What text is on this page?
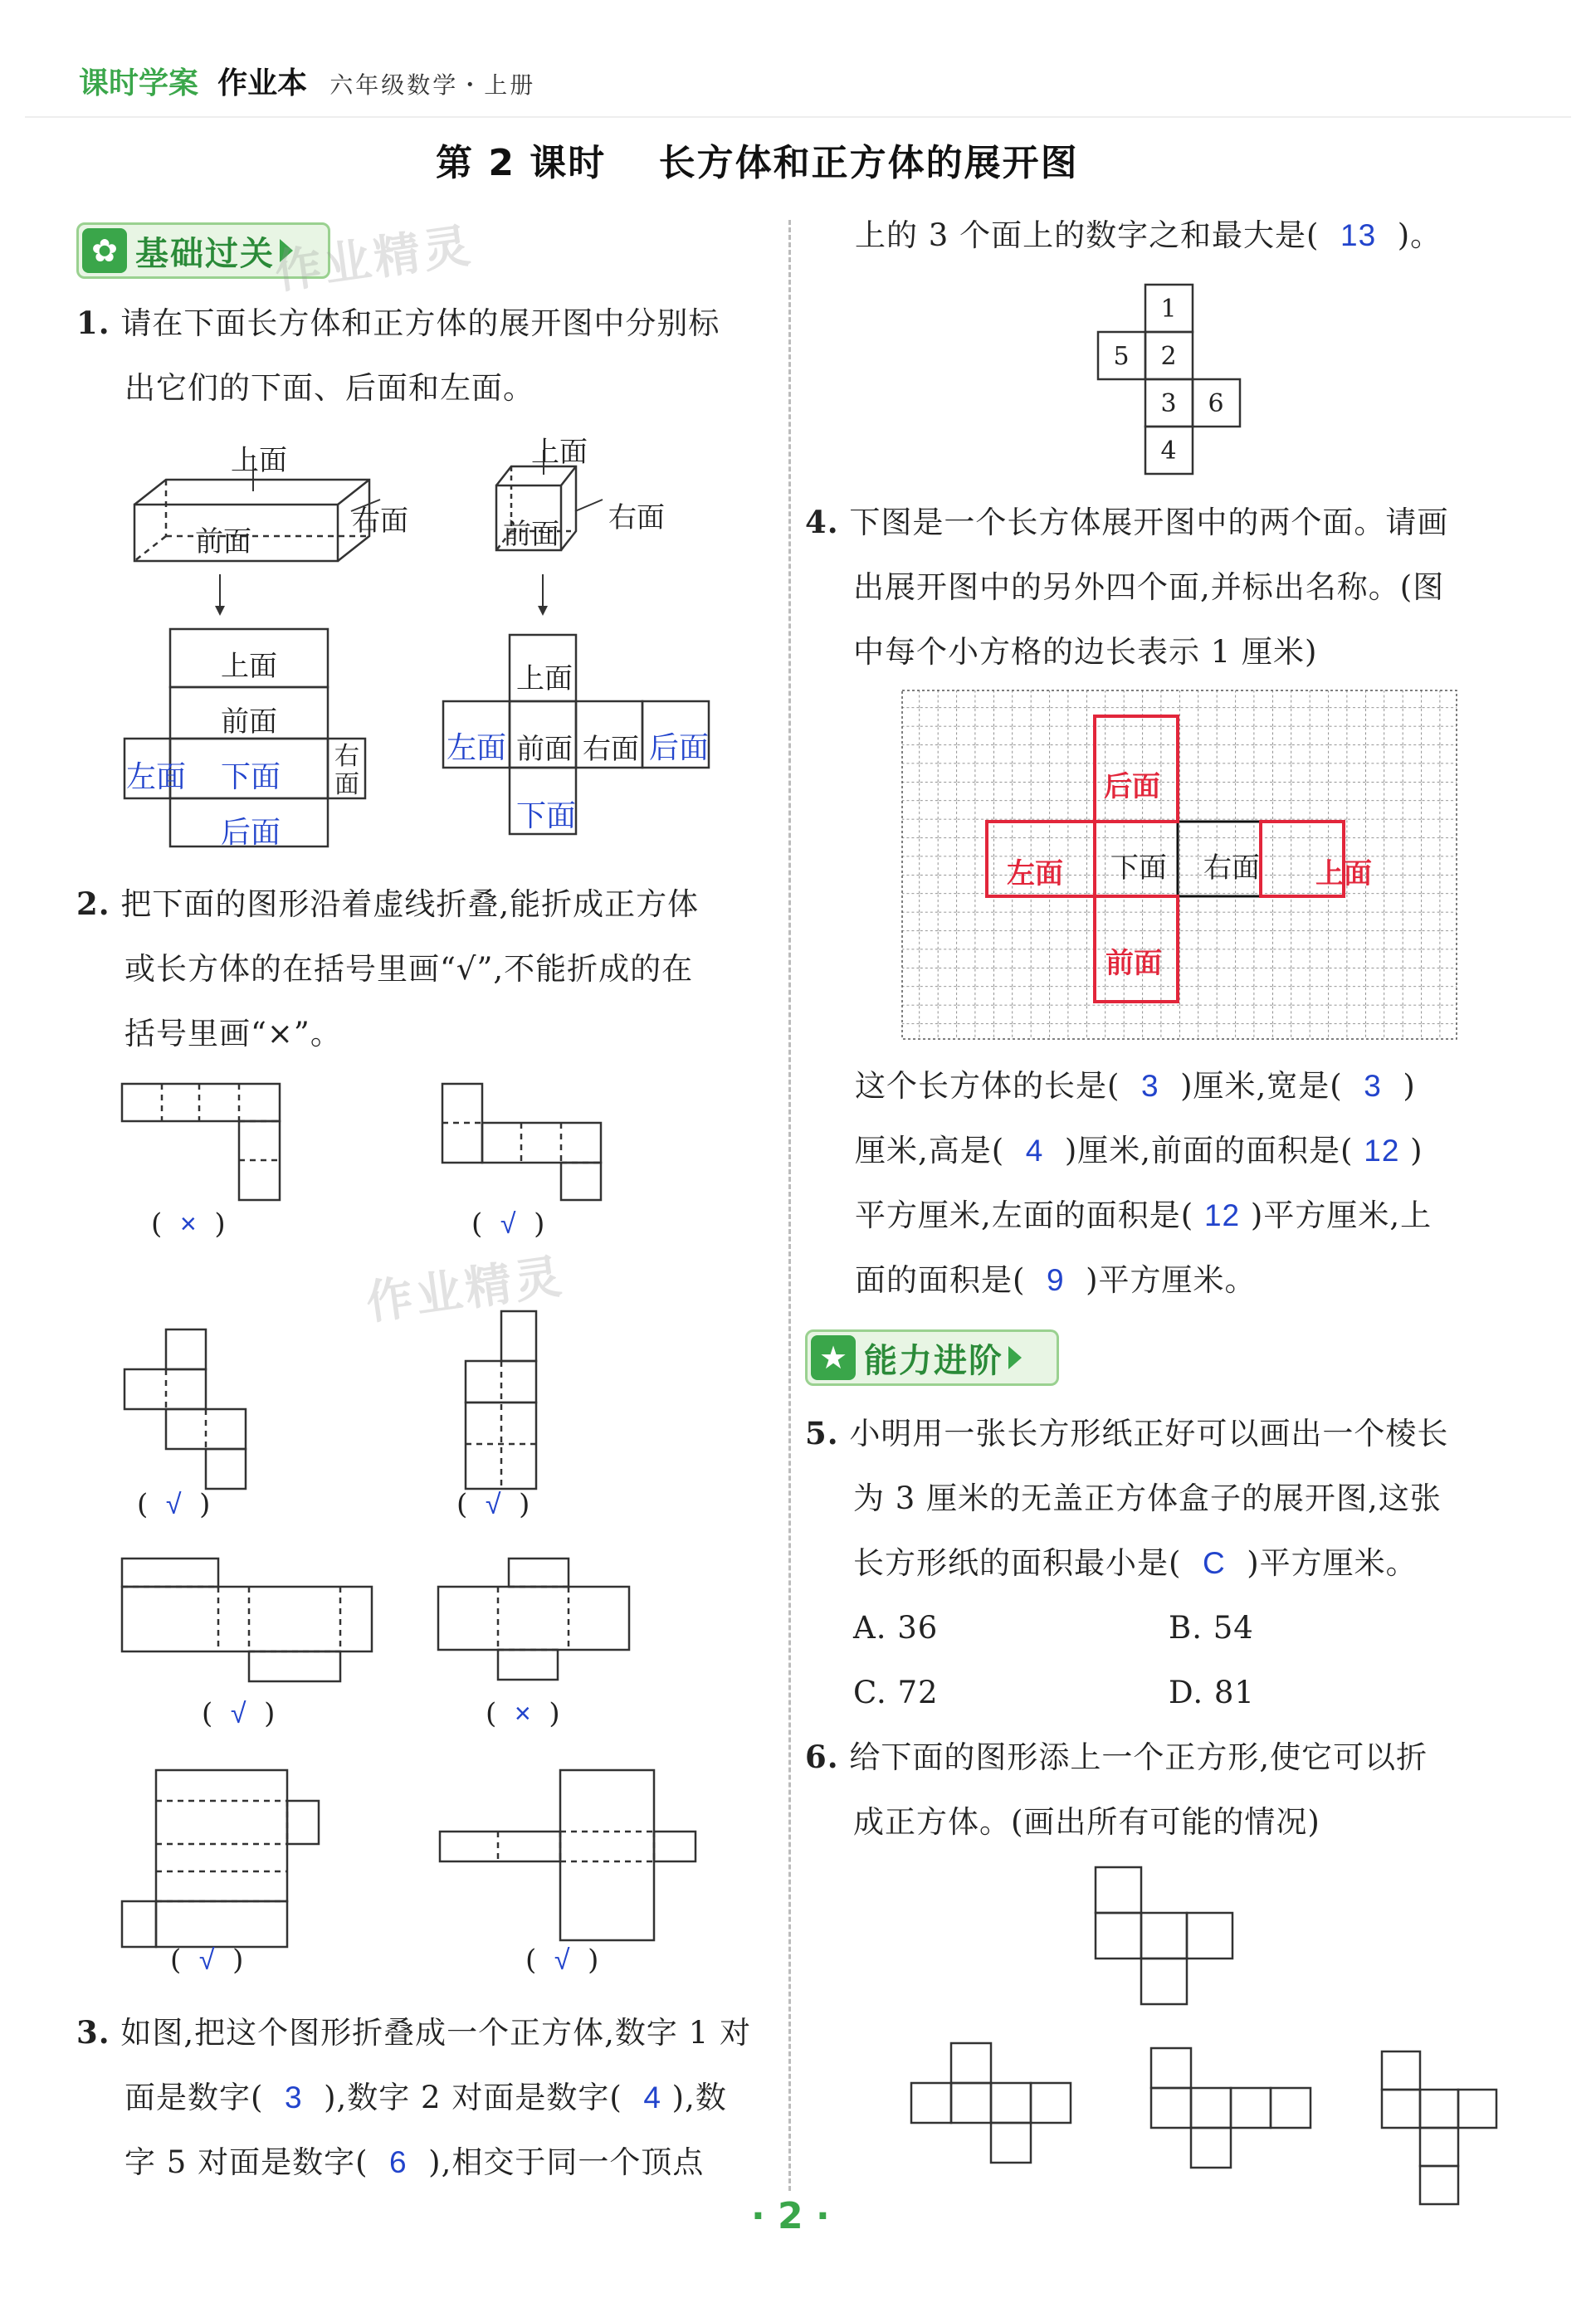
课时学案 作业本 六年级数学・上册
第 2 课时　 长方体和正方体的展开图
✿ 基础过关
作业精灵
作业精灵
1. 请在下面长方体和正方体的展开图中分别标
出它们的下面、后面和左面。
上面
前面
右面
上面
前面 右面
上面
前面
左面 下面
右面
后面
上面
左面 前面 右面 后面
下面
2. 把下面的图形沿着虚线折叠,能折成正方体
或长方体的在括号里画“√”,不能折成的在
括号里画“×”。
(  ×  )	(  √  )
(  √  )	(  √  )
(  √  )	(  ×  )
(  √  )	(  √  )
3. 如图,把这个图形折叠成一个正方体,数字 1 对
面是数字( 3 ),数字 2 对面是数字( 4 ),数
字 5 对面是数字( 6 ),相交于同一个顶点
上的 3 个面上的数字之和最大是( 13 )。
1
5 2
3 6
4
4. 下图是一个长方体展开图中的两个面。请画
出展开图中的另外四个面,并标出名称。(图
中每个小方格的边长表示 1 厘米)
后面
左面 下面 右面 上面
前面
这个长方体的长是( 3 )厘米,宽是( 3 )
厘米,高是( 4 )厘米,前面的面积是( 12 )
平方厘米,左面的面积是( 12 )平方厘米,上
面的面积是( 9 )平方厘米。
★ 能力进阶
5. 小明用一张长方形纸正好可以画出一个棱长
为 3 厘米的无盖正方体盒子的展开图,这张
长方形纸的面积最小是( C )平方厘米。
A. 36	B. 54
C. 72	D. 81
6. 给下面的图形添上一个正方形,使它可以折
成正方体。(画出所有可能的情况)
· 2 ·
